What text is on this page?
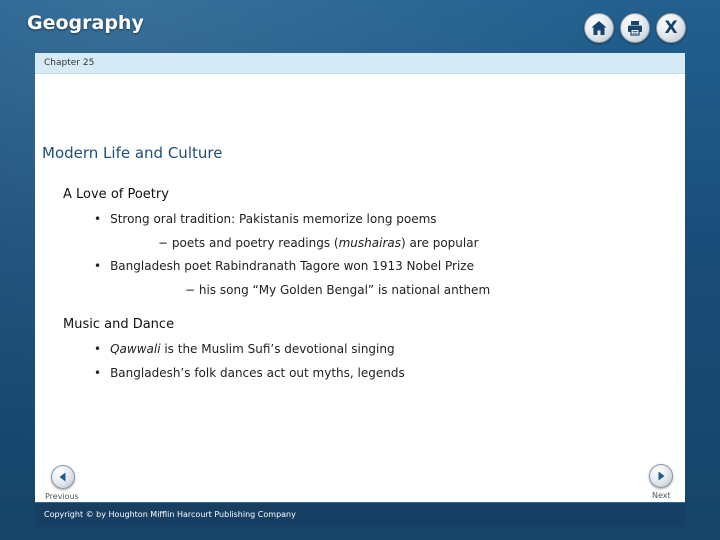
Geography	X
Chapter 25
Modern Life and Culture
A Love of Poetry
• Strong oral tradition: Pakistanis memorize long poems
− poets and poetry readings (mushairas) are popular
• Bangladesh poet Rabindranath Tagore won 1913 Nobel Prize
− his song “My Golden Bengal” is national anthem
Music and Dance
• Qawwali is the Muslim Sufi’s devotional singing
• Bangladesh’s folk dances act out myths, legends
Previous	Next
Copyright © by Houghton Mifflin Harcourt Publishing Company
